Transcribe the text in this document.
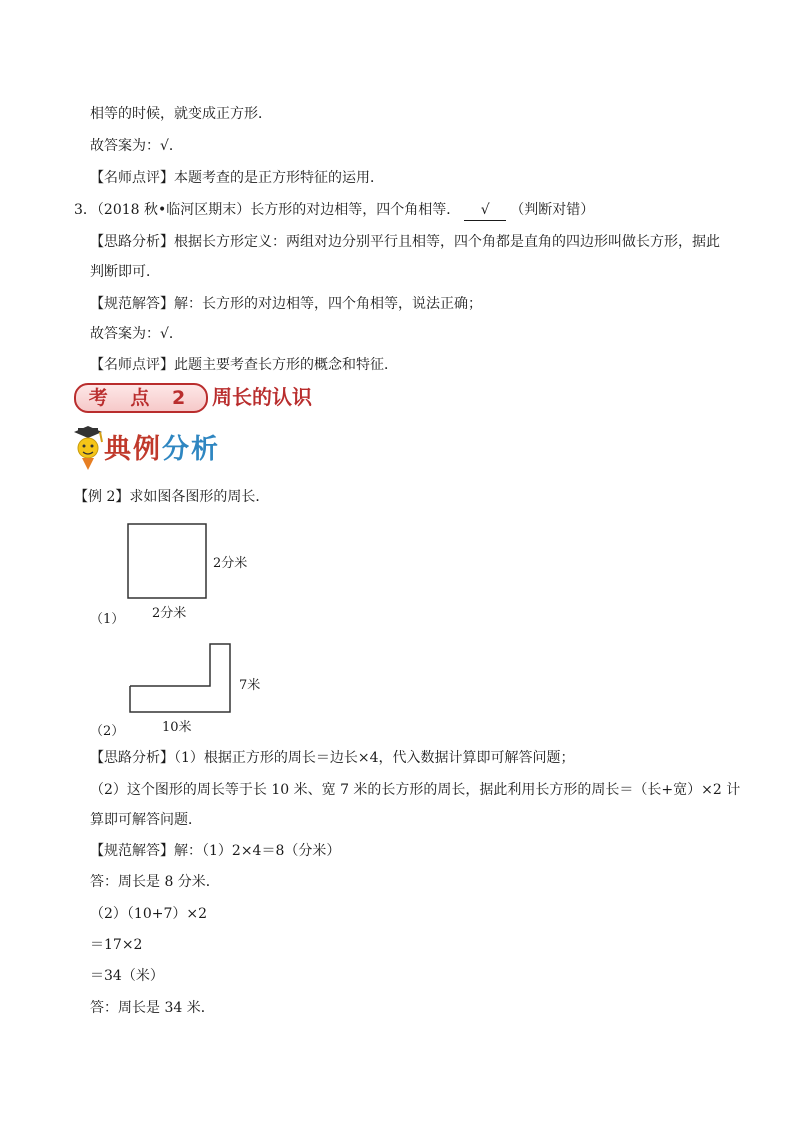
相等的时候，就变成正方形．
故答案为：√．
【名师点评】本题考查的是正方形特征的运用．
3．（2018 秋•临河区期末）长方形的对边相等，四个角相等． √ （判断对错）
【思路分析】根据长方形定义：两组对边分别平行且相等，四个角都是直角的四边形叫做长方形，据此
判断即可．
【规范解答】解：长方形的对边相等，四个角相等，说法正确；
故答案为：√．
【名师点评】此题主要考查长方形的概念和特征．
考 点 2 周长的认识
典例分析
【例 2】求如图各图形的周长．
2分米
2分米
（1）
7米
10米
（2）
【思路分析】（1）根据正方形的周长＝边长×4，代入数据计算即可解答问题；
（2）这个图形的周长等于长 10 米、宽 7 米的长方形的周长，据此利用长方形的周长＝（长+宽）×2 计
算即可解答问题．
【规范解答】解：（1）2×4＝8（分米）
答：周长是 8 分米．
（2）（10+7）×2
＝17×2
＝34（米）
答：周长是 34 米．
